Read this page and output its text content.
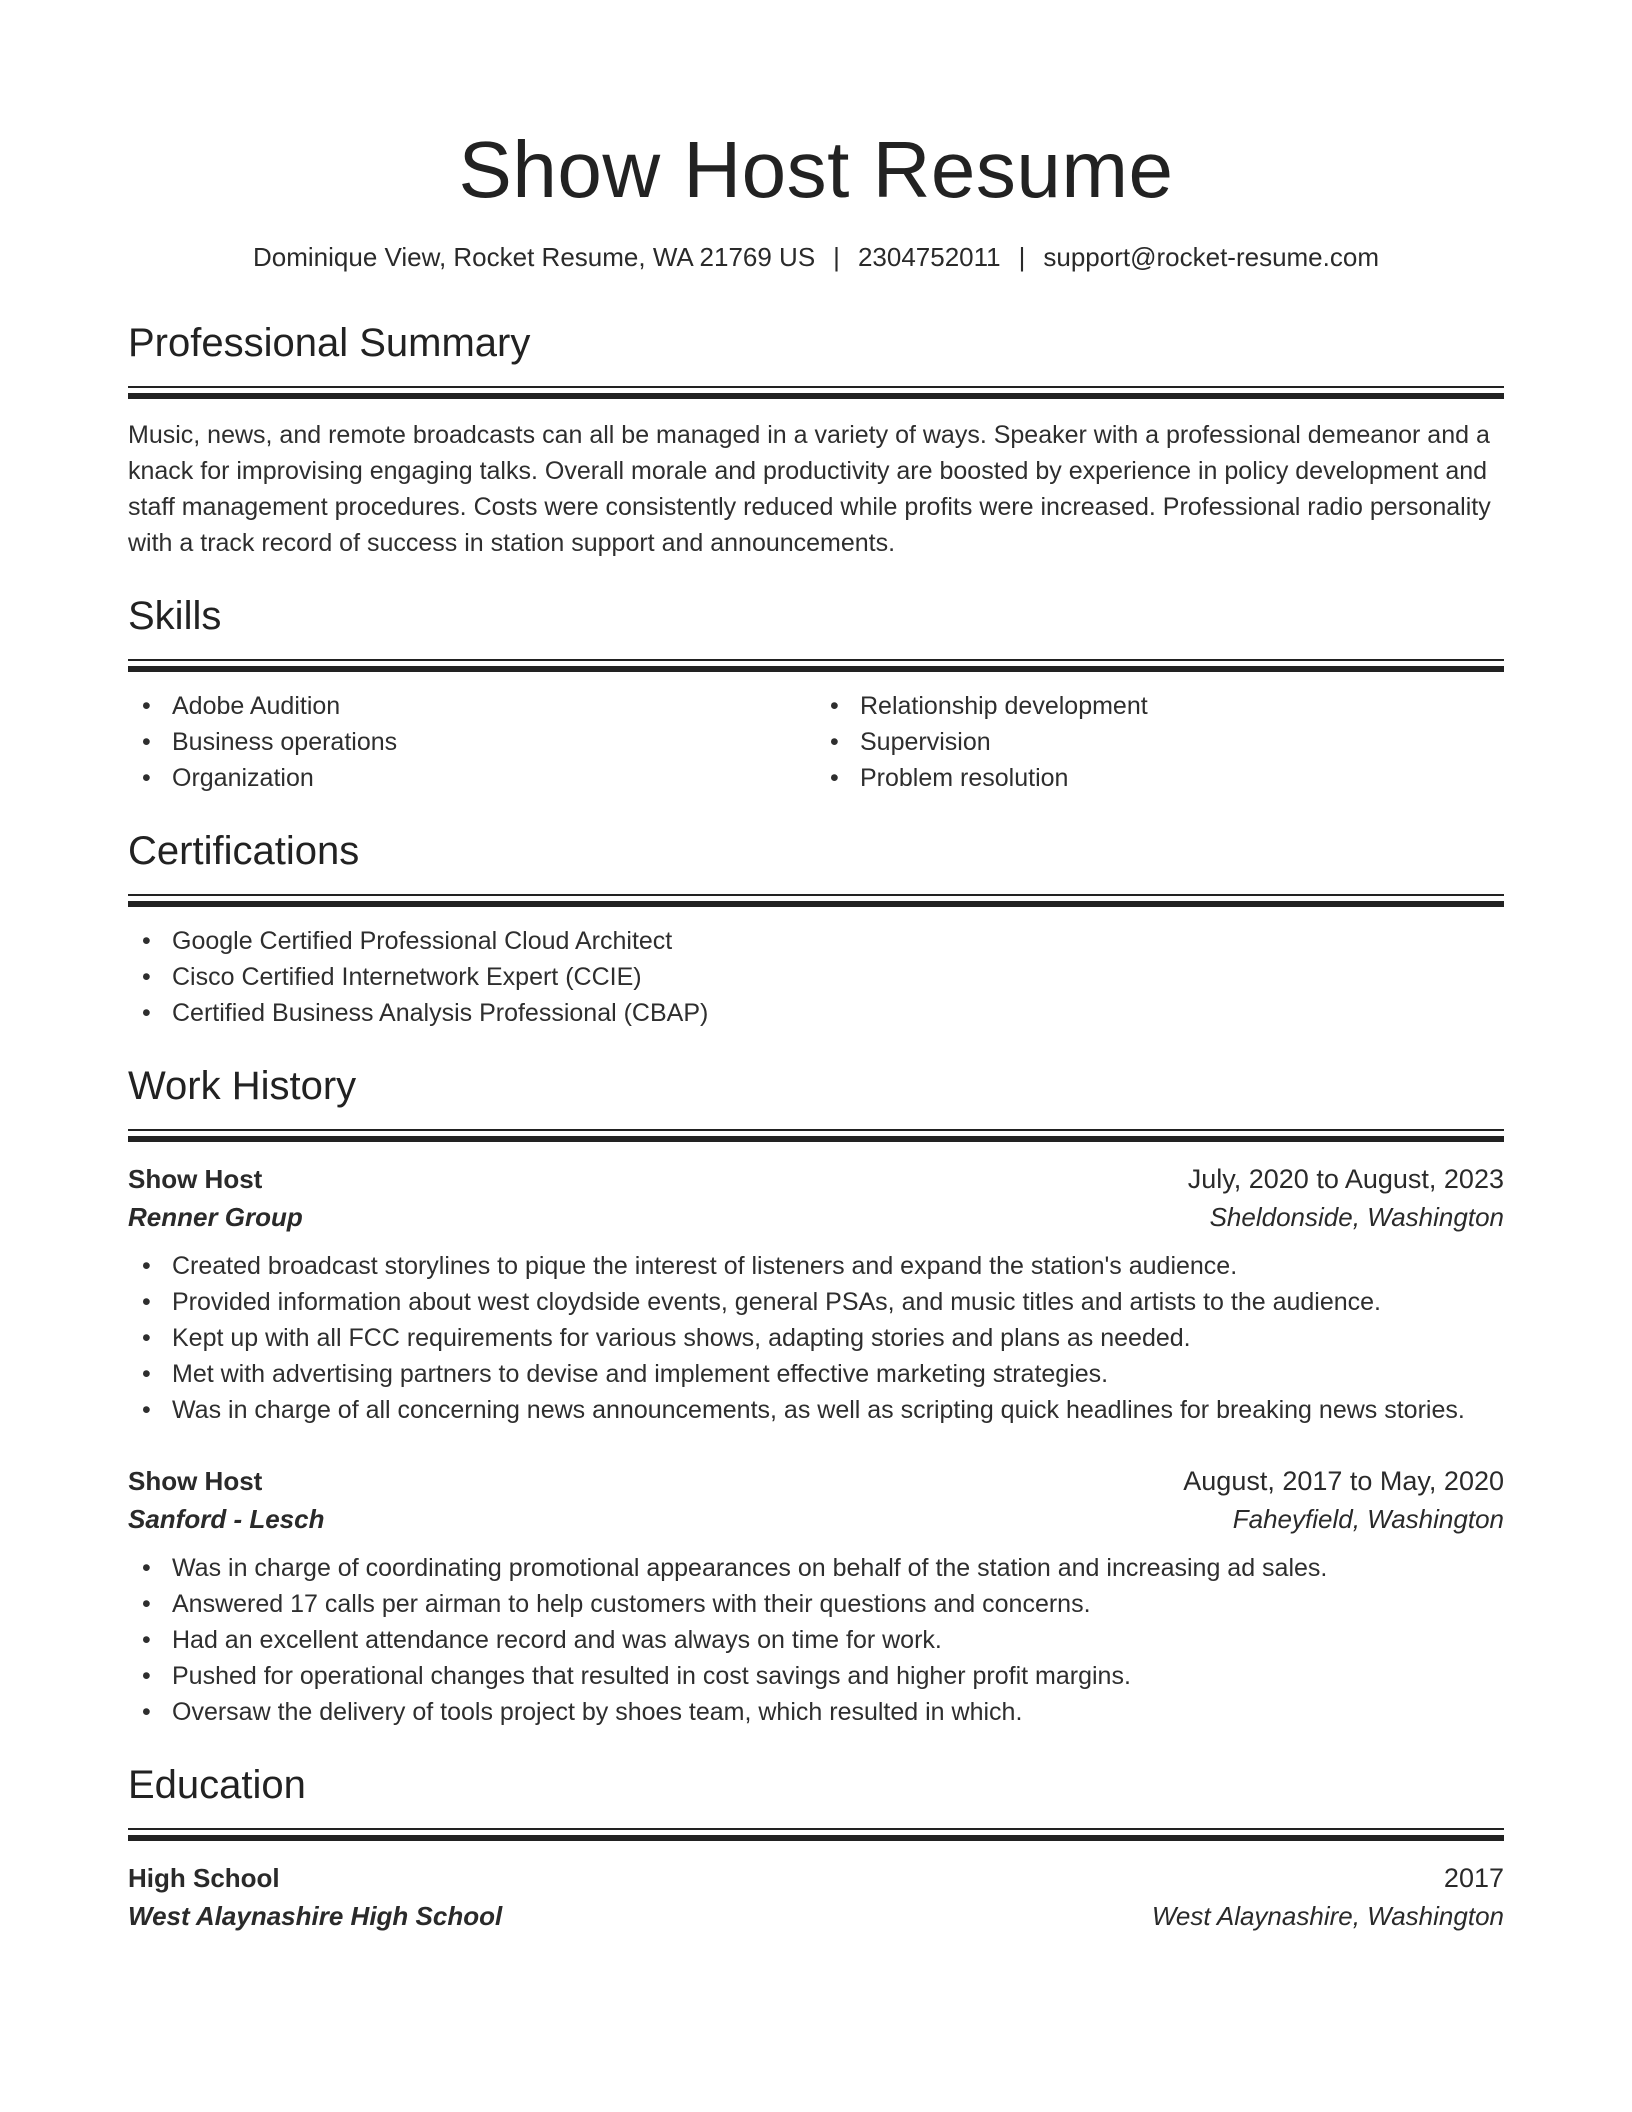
Show Host Resume
Dominique View, Rocket Resume, WA 21769 US | 2304752011 | support@rocket-resume.com
Professional Summary

Music, news, and remote broadcasts can all be managed in a variety of ways. Speaker with a professional demeanor and a knack for improvising engaging talks. Overall morale and productivity are boosted by experience in policy development and staff management procedures. Costs were consistently reduced while profits were increased. Professional radio personality with a track record of success in station support and announcements.

Skills
• Adobe Audition
• Business operations
• Organization
• Relationship development
• Supervision
• Problem resolution
Certifications
• Google Certified Professional Cloud Architect
• Cisco Certified Internetwork Expert (CCIE)
• Certified Business Analysis Professional (CBAP)
Work History
Show Host	July, 2020 to August, 2023
Renner Group	Sheldonside, Washington
• Created broadcast storylines to pique the interest of listeners and expand the station's audience.
• Provided information about west cloydside events, general PSAs, and music titles and artists to the audience.
• Kept up with all FCC requirements for various shows, adapting stories and plans as needed.
• Met with advertising partners to devise and implement effective marketing strategies.
• Was in charge of all concerning news announcements, as well as scripting quick headlines for breaking news stories.
Show Host	August, 2017 to May, 2020
Sanford - Lesch	Faheyfield, Washington
• Was in charge of coordinating promotional appearances on behalf of the station and increasing ad sales.
• Answered 17 calls per airman to help customers with their questions and concerns.
• Had an excellent attendance record and was always on time for work.
• Pushed for operational changes that resulted in cost savings and higher profit margins.
• Oversaw the delivery of tools project by shoes team, which resulted in which.
Education
High School	2017
West Alaynashire High School	West Alaynashire, Washington
